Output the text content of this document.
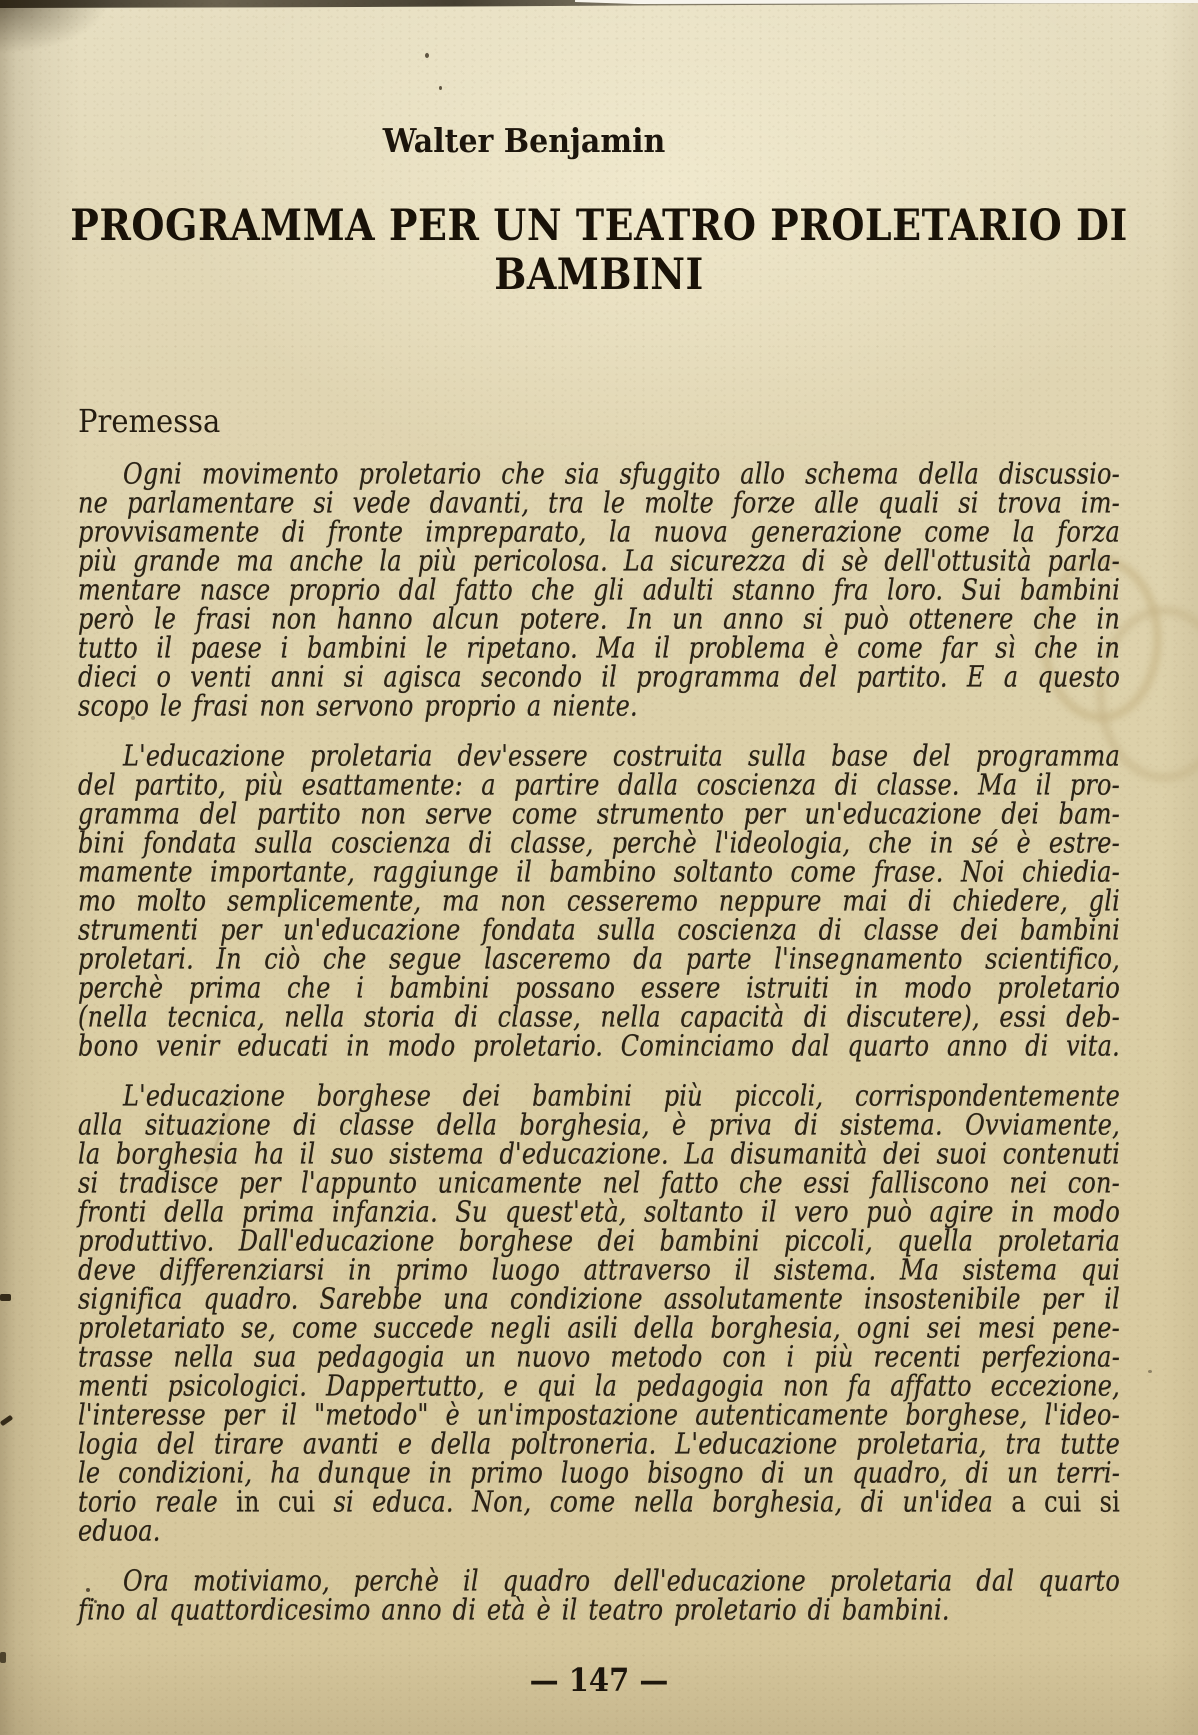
Walter Benjamin
PROGRAMMA PER UN TEATRO PROLETARIO DI BAMBINI
Premessa
Ogni movimento proletario che sia sfuggito allo schema della discussio-
ne parlamentare si vede davanti, tra le molte forze alle quali si trova im-
provvisamente di fronte impreparato, la nuova generazione come la forza
più grande ma anche la più pericolosa. La sicurezza di sè dell'ottusità parla-
mentare nasce proprio dal fatto che gli adulti stanno fra loro. Sui bambini
però le frasi non hanno alcun potere. In un anno si può ottenere che in
tutto il paese i bambini le ripetano. Ma il problema è come far sì che in
dieci o venti anni si agisca secondo il programma del partito. E a questo
scopo le frasi non servono proprio a niente.
L'educazione proletaria dev'essere costruita sulla base del programma
del partito, più esattamente: a partire dalla coscienza di classe. Ma il pro-
gramma del partito non serve come strumento per un'educazione dei bam-
bini fondata sulla coscienza di classe, perchè l'ideologia, che in sé è estre-
mamente importante, raggiunge il bambino soltanto come frase. Noi chiedia-
mo molto semplicemente, ma non cesseremo neppure mai di chiedere, gli
strumenti per un'educazione fondata sulla coscienza di classe dei bambini
proletari. In ciò che segue lasceremo da parte l'insegnamento scientifico,
perchè prima che i bambini possano essere istruiti in modo proletario
(nella tecnica, nella storia di classe, nella capacità di discutere), essi deb-
bono venir educati in modo proletario. Cominciamo dal quarto anno di vita.
L'educazione borghese dei bambini più piccoli, corrispondentemente
alla situazione di classe della borghesia, è priva di sistema. Ovviamente,
la borghesia ha il suo sistema d'educazione. La disumanità dei suoi contenuti
si tradisce per l'appunto unicamente nel fatto che essi falliscono nei con-
fronti della prima infanzia. Su quest'età, soltanto il vero può agire in modo
produttivo. Dall'educazione borghese dei bambini piccoli, quella proletaria
deve differenziarsi in primo luogo attraverso il sistema. Ma sistema qui
significa quadro. Sarebbe una condizione assolutamente insostenibile per il
proletariato se, come succede negli asili della borghesia, ogni sei mesi pene-
trasse nella sua pedagogia un nuovo metodo con i più recenti perfeziona-
menti psicologici. Dappertutto, e qui la pedagogia non fa affatto eccezione,
l'interesse per il "metodo" è un'impostazione autenticamente borghese, l'ideo-
logia del tirare avanti e della poltroneria. L'educazione proletaria, tra tutte
le condizioni, ha dunque in primo luogo bisogno di un quadro, di un terri-
torio reale in cui si educa. Non, come nella borghesia, di un'idea a cui si
eduoa.
Ora motiviamo, perchè il quadro dell'educazione proletaria dal quarto
fino al quattordicesimo anno di età è il teatro proletario di bambini.
— 147 —
